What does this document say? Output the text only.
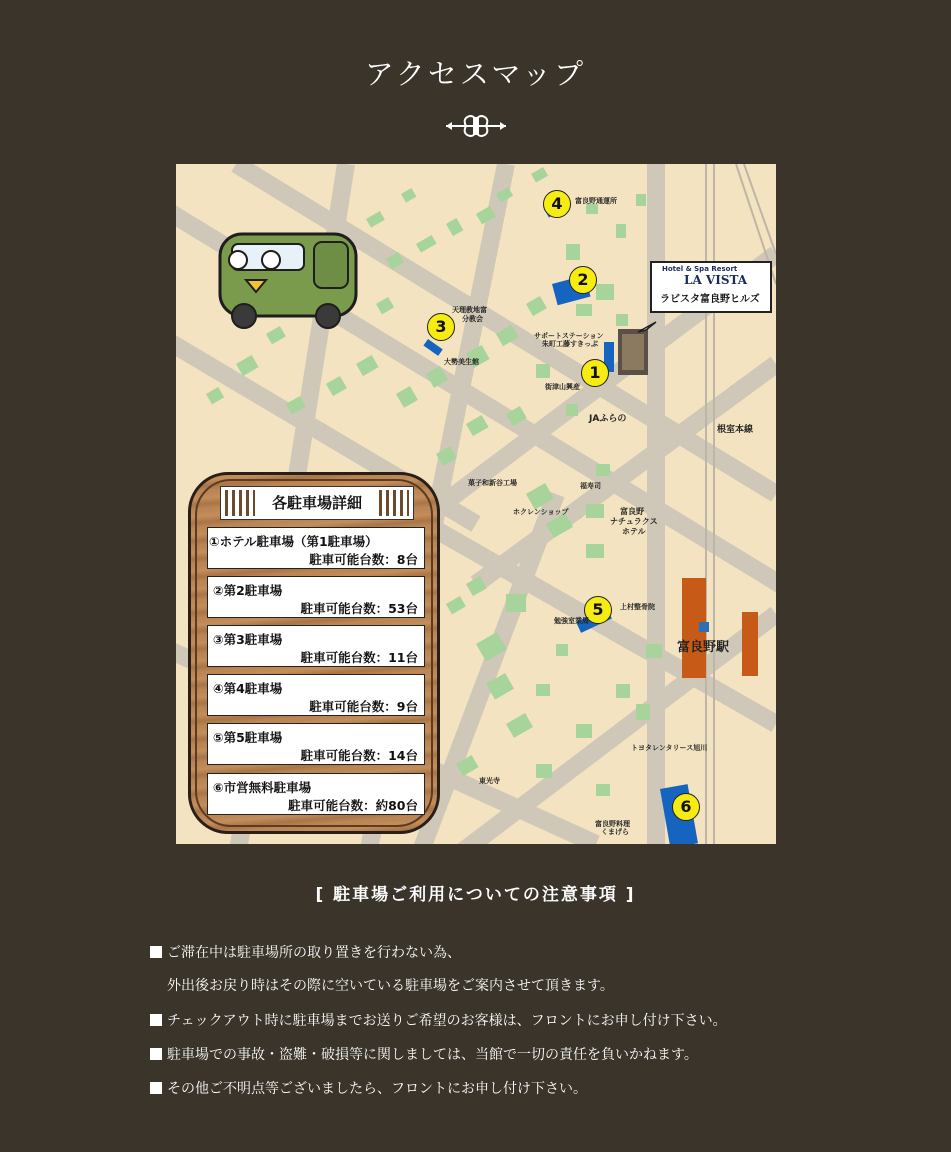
アクセスマップ
Hotel & Spa Resort
LA VISTA
ラビスタ富良野ヒルズ
1
2
3
4
5
6
富良野通運所
天理教地富
分教会
大勢美生館
サポートステーション
朱町工藤すきっぷ
街津山興産
JAふらの
根室本線
菓子和新谷工場	福寿司
ホクレンショップ	富良野
ナチュラクス
ホテル
上村整骨院
勉強室業周
トヨタレンタリース旭川
東光寺
富良野料理
くまげら
富良野駅
各駐車場詳細
①ホテル駐車場（第1駐車場）
駐車可能台数：8台
②第2駐車場
駐車可能台数：53台
③第3駐車場
駐車可能台数：11台
④第4駐車場
駐車可能台数：9台
⑤第5駐車場
駐車可能台数：14台
⑥市営無料駐車場
駐車可能台数：約80台
[ 駐車場ご利用についての注意事項 ]
ご滞在中は駐車場所の取り置きを行わない為、
外出後お戻り時はその際に空いている駐車場をご案内させて頂きます。
チェックアウト時に駐車場までお送りご希望のお客様は、フロントにお申し付け下さい。
駐車場での事故・盗難・破損等に関しましては、当館で一切の責任を負いかねます。
その他ご不明点等ございましたら、フロントにお申し付け下さい。
